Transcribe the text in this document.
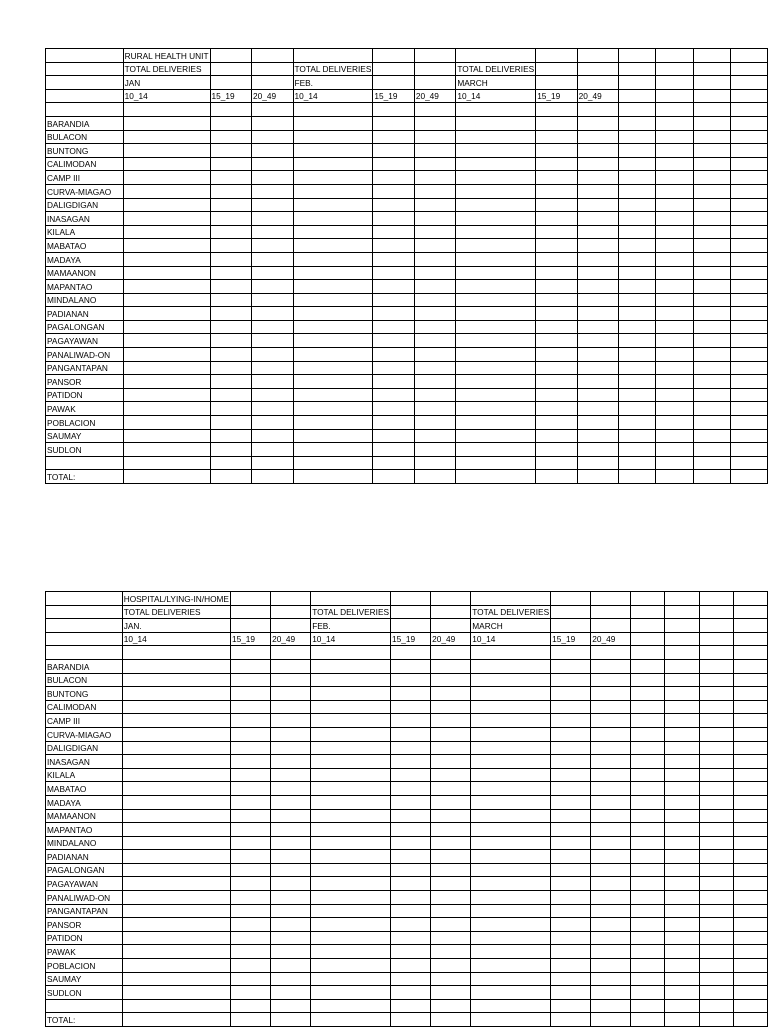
	RURAL HEALTH UNIT												
	TOTAL DELIVERIES			TOTAL DELIVERIES			TOTAL DELIVERIES						
	JAN			FEB.			MARCH						
	10_14	15_19	20_49	10_14	15_19	20_49	10_14	15_19	20_49				

BARANDIA													
BULACON													
BUNTONG													
CALIMODAN													
CAMP III													
CURVA-MIAGAO													
DALIGDIGAN													
INASAGAN													
KILALA													
MABATAO													
MADAYA													
MAMAANON													
MAPANTAO													
MINDALANO													
PADIANAN													
PAGALONGAN													
PAGAYAWAN													
PANALIWAD-ON													
PANGANTAPAN													
PANSOR													
PATIDON													
PAWAK													
POBLACION													
SAUMAY													
SUDLON													

TOTAL:													
	HOSPITAL/LYING-IN/HOME												
	TOTAL DELIVERIES			TOTAL DELIVERIES			TOTAL DELIVERIES						
	JAN.			FEB.			MARCH						
	10_14	15_19	20_49	10_14	15_19	20_49	10_14	15_19	20_49				

BARANDIA													
BULACON													
BUNTONG													
CALIMODAN													
CAMP III													
CURVA-MIAGAO													
DALIGDIGAN													
INASAGAN													
KILALA													
MABATAO													
MADAYA													
MAMAANON													
MAPANTAO													
MINDALANO													
PADIANAN													
PAGALONGAN													
PAGAYAWAN													
PANALIWAD-ON													
PANGANTAPAN													
PANSOR													
PATIDON													
PAWAK													
POBLACION													
SAUMAY													
SUDLON													

TOTAL:													
